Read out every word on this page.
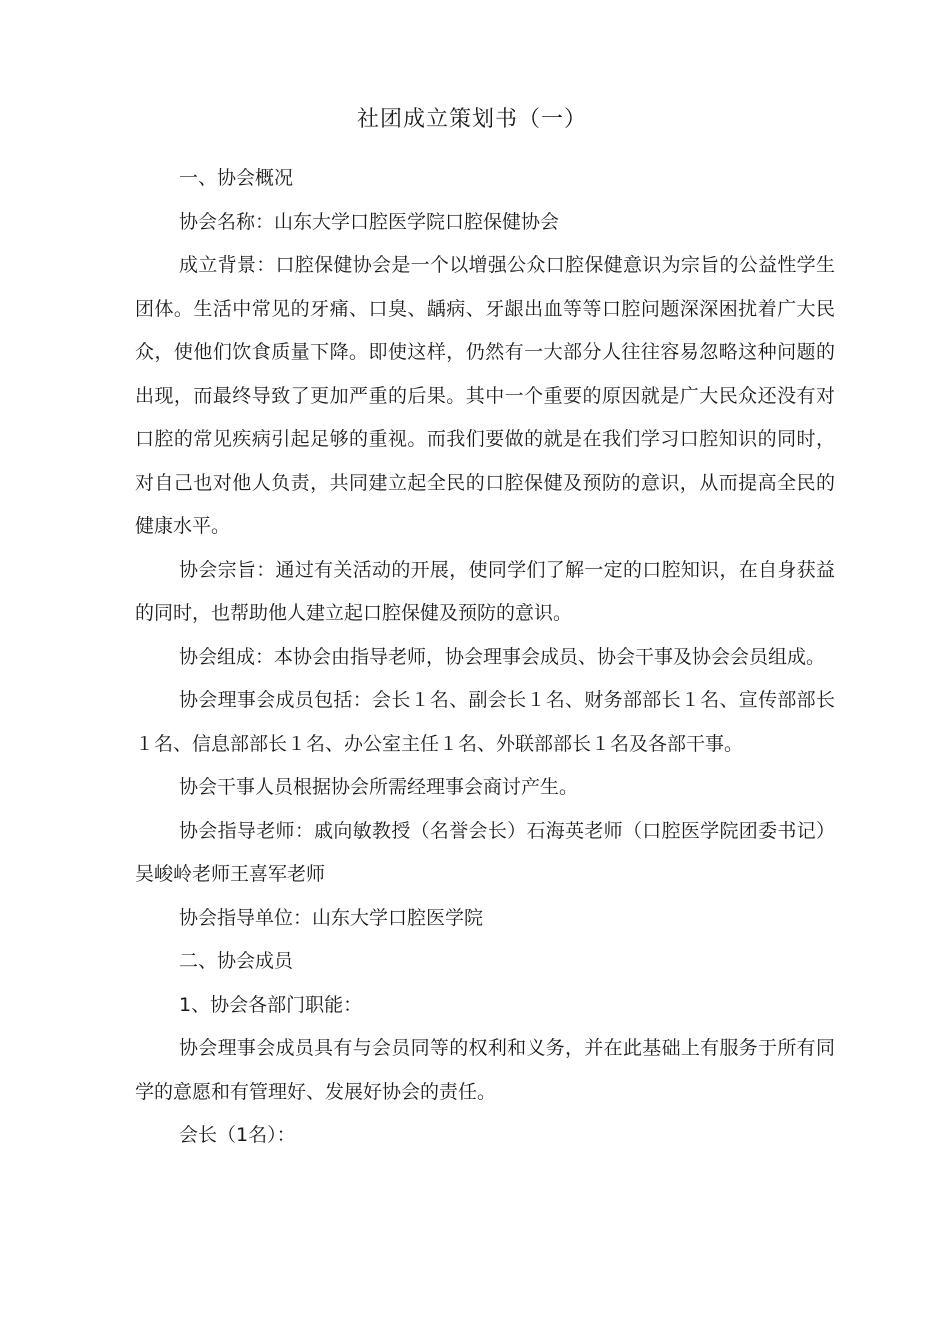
社团成立策划书（一）

一、协会概况

协会名称：山东大学口腔医学院口腔保健协会

成立背景：口腔保健协会是一个以增强公众口腔保健意识为宗旨的公益性学生团体。生活中常见的牙痛、口臭、龋病、牙龈出血等等口腔问题深深困扰着广大民众，使他们饮食质量下降。即使这样，仍然有一大部分人往往容易忽略这种问题的出现，而最终导致了更加严重的后果。其中一个重要的原因就是广大民众还没有对口腔的常见疾病引起足够的重视。而我们要做的就是在我们学习口腔知识的同时，对自己也对他人负责，共同建立起全民的口腔保健及预防的意识，从而提高全民的健康水平。

协会宗旨：通过有关活动的开展，使同学们了解一定的口腔知识，在自身获益的同时，也帮助他人建立起口腔保健及预防的意识。

协会组成：本协会由指导老师，协会理事会成员、协会干事及协会会员组成。

协会理事会成员包括：会长１名、副会长１名、财务部部长１名、宣传部部长１名、信息部部长１名、办公室主任１名、外联部部长１名及各部干事。

协会干事人员根据协会所需经理事会商讨产生。

协会指导老师：戚向敏教授（名誉会长）石海英老师（口腔医学院团委书记）吴峻岭老师王喜军老师

协会指导单位：山东大学口腔医学院

二、协会成员

1、协会各部门职能：

协会理事会成员具有与会员同等的权利和义务，并在此基础上有服务于所有同学的意愿和有管理好、发展好协会的责任。

会长（1名）：
